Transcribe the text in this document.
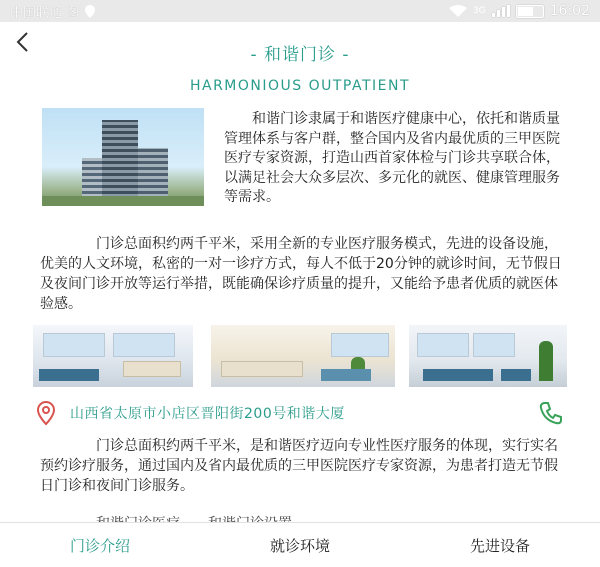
中国联通 图	3G	16:02
- 和谐门诊 -
HARMONIOUS OUTPATIENT

和谐门诊隶属于和谐医疗健康中心，依托和谐质量管理体系与客户群，整合国内及省内最优质的三甲医院医疗专家资源，打造山西首家体检与门诊共享联合体，以满足社会大众多层次、多元化的就医、健康管理服务等需求。

门诊总面积约两千平米，采用全新的专业医疗服务模式，先进的设备设施，优美的人文环境，私密的一对一诊疗方式，每人不低于20分钟的就诊时间，无节假日及夜间门诊开放等运行举措，既能确保诊疗质量的提升，又能给予患者优质的就医体验感。

山西省太原市小店区晋阳街200号和谐大厦

门诊总面积约两千平米，是和谐医疗迈向专业性医疗服务的体现，实行实名预约诊疗服务，通过国内及省内最优质的三甲医院医疗专家资源，为患者打造无节假日门诊和夜间门诊服务。

门诊介绍	就诊环境	先进设备
